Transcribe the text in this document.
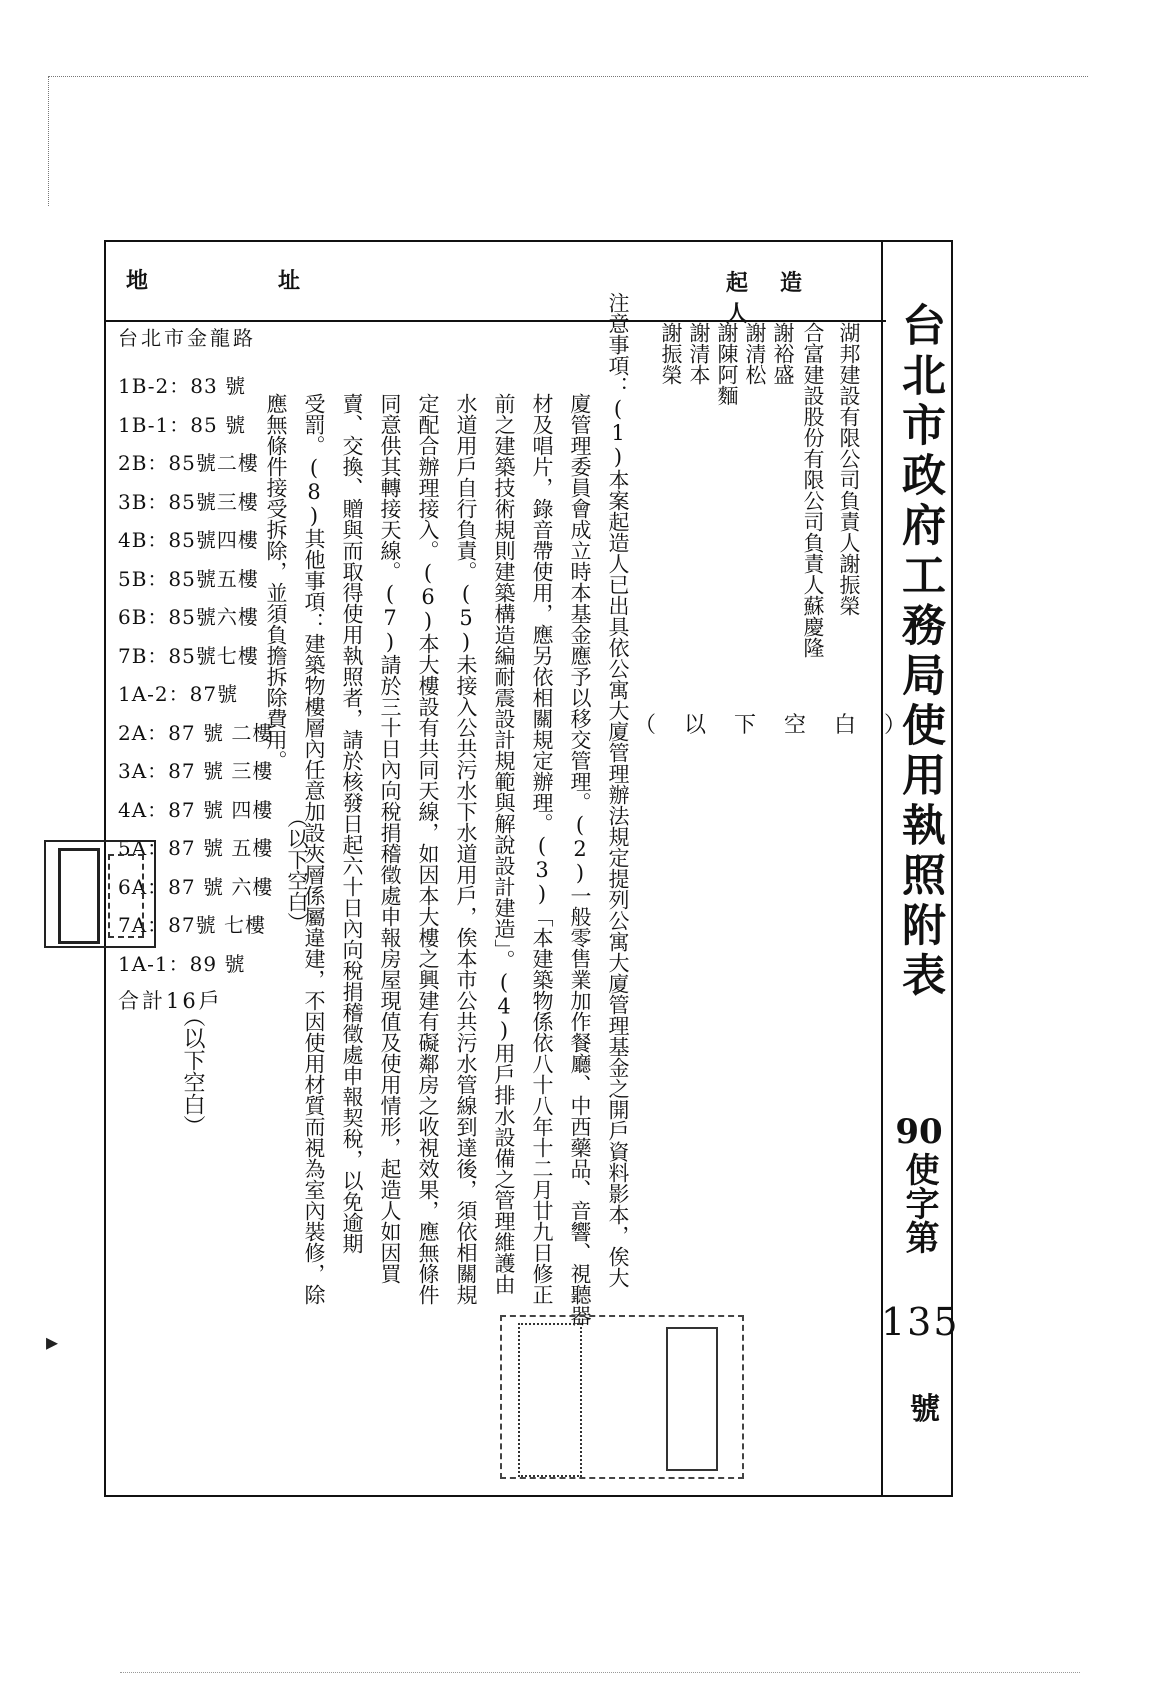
▸
地址	起造人
台北市金龍路
1B-2：83 號
1B-1：85 號
2B：85號二樓
3B：85號三樓
4B：85號四樓
5B：85號五樓
6B：85號六樓
7B：85號七樓
1A-2：87號
2A：87 號 二樓
3A：87 號 三樓
4A：87 號 四樓
5A：87 號 五樓
6A：87 號 六樓
7A：87號 七樓
1A-1：89 號
合計16戶
（以下空白）	注意事項：(1)本案起造人已出具依公寓大廈管理辦法規定提列公寓大廈管理基金之開戶資料影本，俟大
廈管理委員會成立時本基金應予以移交管理。(2)一般零售業加作餐廳、中西藥品、音響、視聽器
材及唱片，錄音帶使用，應另依相關規定辦理。(3)「本建築物係依八十八年十二月廿九日修正
前之建築技術規則建築構造編耐震設計規範與解說設計建造」。(4)用戶排水設備之管理維護由
水道用戶自行負責。(5)未接入公共污水下水道用戶，俟本市公共污水管線到達後，須依相關規
定配合辦理接入。(6)本大樓設有共同天線，如因本大樓之興建有礙鄰房之收視效果，應無條件
同意供其轉接天線。(7)請於三十日內向稅捐稽徵處申報房屋現值及使用情形，起造人如因買
賣、交換、贈與而取得使用執照者，請於核發日起六十日內向稅捐稽徵處申報契稅，以免逾期
受罰。(8)其他事項：建築物樓層內任意加設夾層係屬違建，不因使用材質而視為室內裝修，除
應無條件接受拆除，並須負擔拆除費用。
（以下空白）
湖邦建設有限公司負責人謝振榮
合富建設股份有限公司負責人蘇慶隆
謝裕盛
謝清松
謝陳阿麵
謝清本
謝振榮
（以下空白）
台北市政府工務局使用執照附表
90
使字第
135
號
